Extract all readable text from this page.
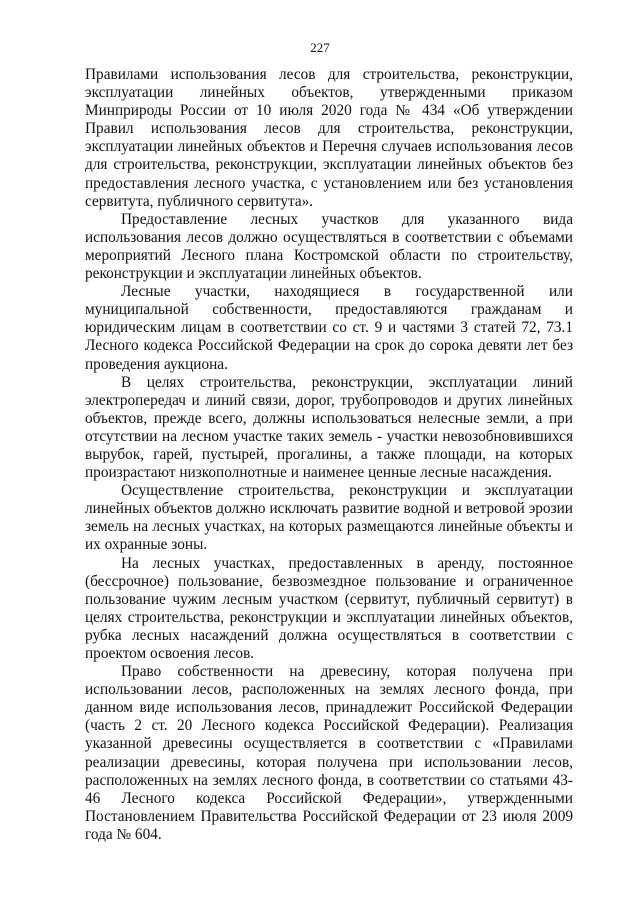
227

Правилами использования лесов для строительства, реконструкции, эксплуатации линейных объектов, утвержденными приказом Минприроды России от 10 июля 2020 года № 434 «Об утверждении Правил использования лесов для строительства, реконструкции, эксплуатации линейных объектов и Перечня случаев использования лесов для строительства, реконструкции, эксплуатации линейных объектов без предоставления лесного участка, с установлением или без установления сервитута, публичного сервитута».

Предоставление лесных участков для указанного вида использования лесов должно осуществляться в соответствии с объемами мероприятий Лесного плана Костромской области по строительству, реконструкции и эксплуатации линейных объектов.

Лесные участки, находящиеся в государственной или муниципальной собственности, предоставляются гражданам и юридическим лицам в соответствии со ст. 9 и частями 3 статей 72, 73.1 Лесного кодекса Российской Федерации на срок до сорока девяти лет без проведения аукциона.

В целях строительства, реконструкции, эксплуатации линий электропередач и линий связи, дорог, трубопроводов и других линейных объектов, прежде всего, должны использоваться нелесные земли, а при отсутствии на лесном участке таких земель - участки невозобновившихся вырубок, гарей, пустырей, прогалины, а также площади, на которых произрастают низкополнотные и наименее ценные лесные насаждения.

Осуществление строительства, реконструкции и эксплуатации линейных объектов должно исключать развитие водной и ветровой эрозии земель на лесных участках, на которых размещаются линейные объекты и их охранные зоны.

На лесных участках, предоставленных в аренду, постоянное (бессрочное) пользование, безвозмездное пользование и ограниченное пользование чужим лесным участком (сервитут, публичный сервитут) в целях строительства, реконструкции и эксплуатации линейных объектов, рубка лесных насаждений должна осуществляться в соответствии с проектом освоения лесов.

Право собственности на древесину, которая получена при использовании лесов, расположенных на землях лесного фонда, при данном виде использования лесов, принадлежит Российской Федерации (часть 2 ст. 20 Лесного кодекса Российской Федерации). Реализация указанной древесины осуществляется в соответствии с «Правилами реализации древесины, которая получена при использовании лесов, расположенных на землях лесного фонда, в соответствии со статьями 43-46 Лесного кодекса Российской Федерации», утвержденными Постановлением Правительства Российской Федерации от 23 июля 2009 года № 604.
